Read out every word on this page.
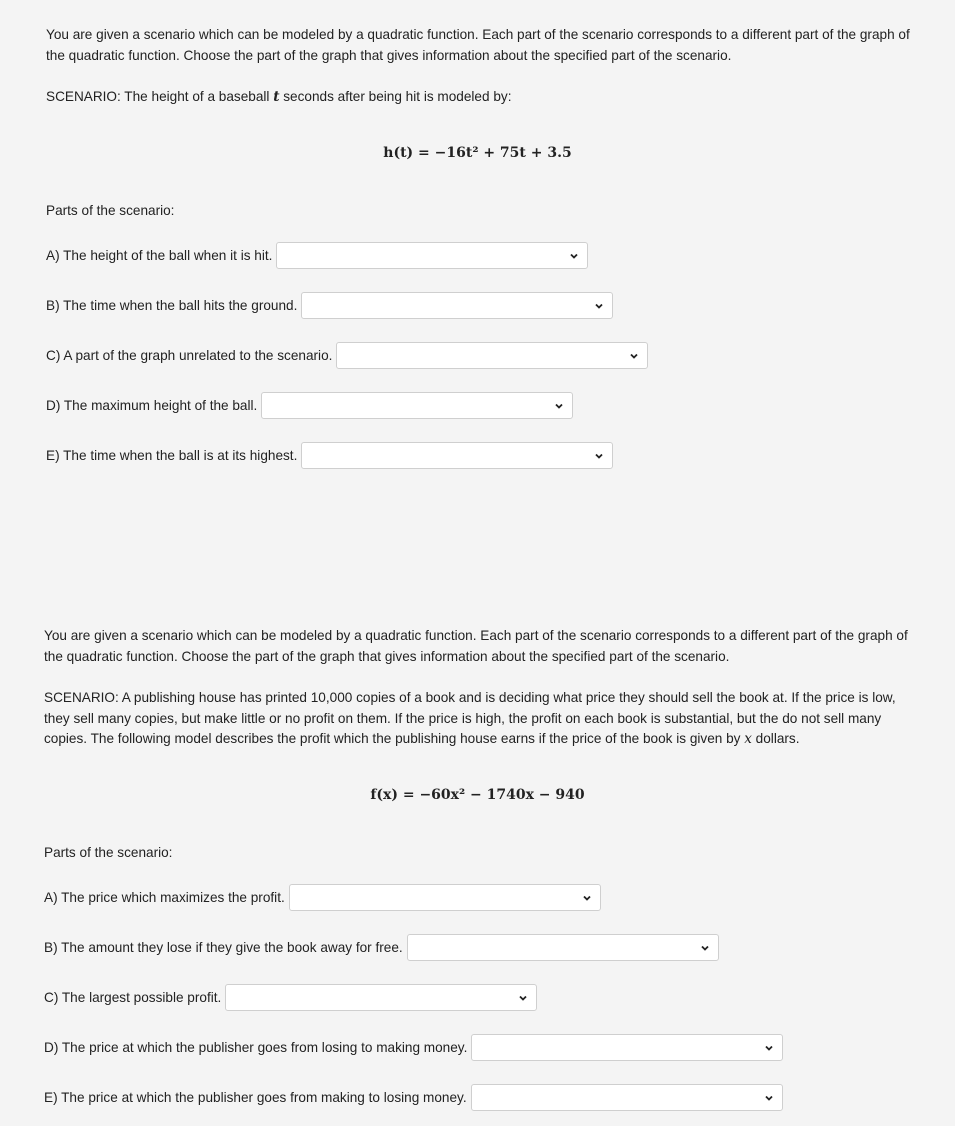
You are given a scenario which can be modeled by a quadratic function. Each part of the scenario corresponds to a different part of the graph of the quadratic function. Choose the part of the graph that gives information about the specified part of the scenario.

SCENARIO: The height of a baseball t seconds after being hit is modeled by:

h(t) = −16t² + 75t + 3.5
Parts of the scenario:
A) The height of the ball when it is hit.
B) The time when the ball hits the ground.
C) A part of the graph unrelated to the scenario.
D) The maximum height of the ball.
E) The time when the ball is at its highest.

You are given a scenario which can be modeled by a quadratic function. Each part of the scenario corresponds to a different part of the graph of the quadratic function. Choose the part of the graph that gives information about the specified part of the scenario.

SCENARIO: A publishing house has printed 10,000 copies of a book and is deciding what price they should sell the book at. If the price is low, they sell many copies, but make little or no profit on them. If the price is high, the profit on each book is substantial, but the do not sell many copies. The following model describes the profit which the publishing house earns if the price of the book is given by x dollars.

f(x) = −60x² − 1740x − 940
Parts of the scenario:
A) The price which maximizes the profit.
B) The amount they lose if they give the book away for free.
C) The largest possible profit.
D) The price at which the publisher goes from losing to making money.
E) The price at which the publisher goes from making to losing money.
